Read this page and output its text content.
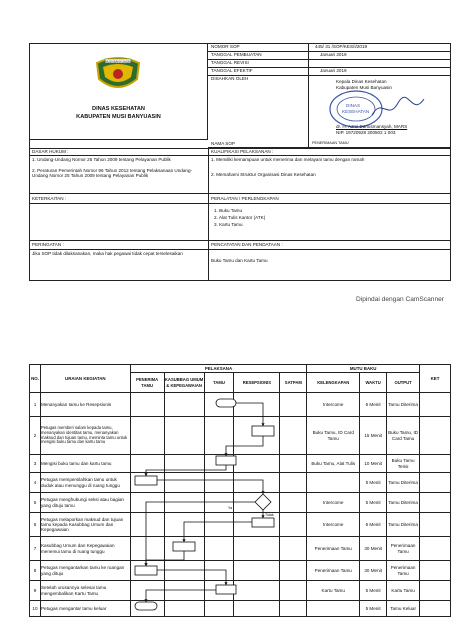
MUSI BANYUASIN
DINAS KESEHATAN
KABUPATEN MUSI BANYUASIN
NOMOR SOP	445/ 31 /SOP/KES/I/2019
TANGGAL PEMBUATAN	Januari 2019
TANGGAL REVISI
TANGGAL EFEKTIF	Januari 2019
DISAHKAN OLEH
Kepala Dinas Kesehatan
Kabupaten Musi Banyuasin
DINAS
KESEHATAN
dr. H. Azmi Dariusmansyah, MARS
NIP. 19720928 200502 1 003
NAMA SOP	PENERIMAAN TAMU
DASAR HUKUM :
1. Undang-Undang Nomor 25 Tahun 2009 tentang Pelayanan Publik
2. Peraturan Pemerintah Nomor 96 Tahun 2012 tentang Pelaksanaan Undang-Undang Nomor 25 Tahun 2009 tentang Pelayanan Publik
KUALIFIKASI PELAKSANAN :
1. Memiliki kemampuan untuk menerima dan melayani tamu dengan ramah
2. Memahami Struktur Organisasi Dinas Kesehatan
KETERKAITAN :	PERALATAN / PERLENGKAPAN
1. Buku Tamu
2. Alat Tulis Kantor (ATK)
3. Kartu Tamu
PERINGATAN :	PENCATATAN DAN PENDATAAN :
Jika SOP tidak dilaksanakan, maka hak pegawai tidak cepat terselesaikan
Buku Tamu dan Kartu Tamu
Dipindai dengan CamScanner
NO.	URAIAN KEGIATAN	PELAKSANA					MUTU BAKU			KET
		PENERIMA TAMU	KASUBBAG UMUM & KEPEGAWAIAN	TAMU	RESEPSIONIS	SATPAM	KELENGKAPAN	WAKTU	OUTPUT	
1	Menanyakan tamu ke Resepsionis						Intercome	5 Menit	Tamu Diterima	
2	Petugas memberi salam kepada tamu, menanyakan identitas tamu, menanyakan maksud dan tujuan tamu, meminta tamu untuk mengisi buku tamu dan kartu tamu						Buku Tamu, ID Card Tamu	15 Menit	Buku Tamu, ID Card Tamu	
3	Mengisi buku tamu dan kartu tamu						Buku Tamu, Alat Tulis	10 Menit	Buku Tamu Terisi	
4	Petugas mempersilahkan tamu untuk duduk atau menunggu di ruang tunggu							5 Menit	Tamu Diterima	
5	Petugas menghubungi seksi atau bagian yang dituju tamu						Intercome	5 Menit	Tamu Diterima	
6	Petugas melaporkan maksud dan tujuan tamu kepada Kasubbag Umum dan Kepegawaian						Intercome	5 Menit	Tamu Diterima	
7	Kasubbag Umum dan Kepegawaian menemui tamu di ruang tunggu						Penerimaan Tamu	30 Menit	Penerimaan Tamu	
8	Petugas mengantarkan tamu ke ruangan yang dituju						Penerimaan Tamu	30 Menit	Penerimaan Tamu	
9	Setelah urusannya selesai tamu mengembalikan Kartu Tamu						Kartu Tamu	5 Menit	Kartu Tamu	
10	Petugas mengantar tamu keluar							5 Menit	Tamu Keluar	
Ya
Tidak
